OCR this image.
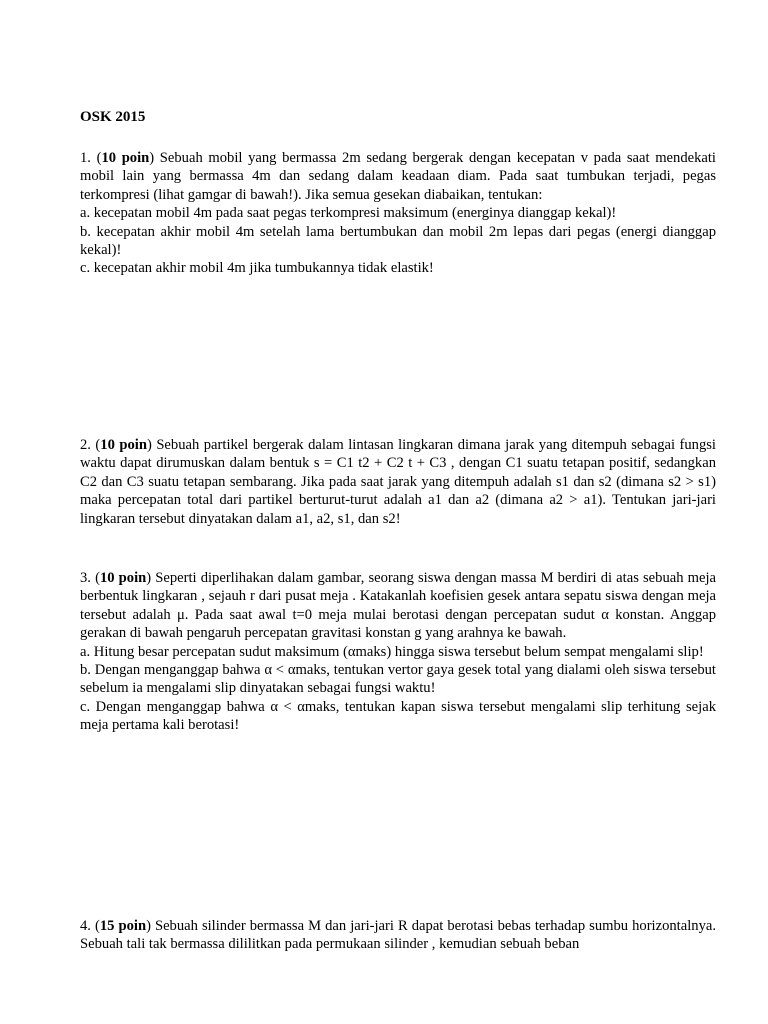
OSK 2015

1. (10 poin) Sebuah mobil yang bermassa 2m sedang bergerak dengan kecepatan v pada saat mendekati mobil lain yang bermassa 4m dan sedang dalam keadaan diam. Pada saat tumbukan terjadi, pegas terkompresi (lihat gamgar di bawah!). Jika semua gesekan diabaikan, tentukan:

a. kecepatan mobil 4m pada saat pegas terkompresi maksimum (energinya dianggap kekal)!

b. kecepatan akhir mobil 4m setelah lama bertumbukan dan mobil 2m lepas dari pegas (energi dianggap kekal)!

c. kecepatan akhir mobil 4m jika tumbukannya tidak elastik!

2. (10 poin) Sebuah partikel bergerak dalam lintasan lingkaran dimana jarak yang ditempuh sebagai fungsi waktu dapat dirumuskan dalam bentuk s = C1 t2 + C2 t + C3 , dengan C1 suatu tetapan positif, sedangkan C2 dan C3 suatu tetapan sembarang. Jika pada saat jarak yang ditempuh adalah s1 dan s2 (dimana s2 > s1) maka percepatan total dari partikel berturut-turut adalah a1 dan a2 (dimana a2 > a1). Tentukan jari-jari lingkaran tersebut dinyatakan dalam a1, a2, s1, dan s2!

3. (10 poin) Seperti diperlihakan dalam gambar, seorang siswa dengan massa M berdiri di atas sebuah meja berbentuk lingkaran , sejauh r dari pusat meja . Katakanlah koefisien gesek antara sepatu siswa dengan meja tersebut adalah μ. Pada saat awal t=0 meja mulai berotasi dengan percepatan sudut α konstan. Anggap gerakan di bawah pengaruh percepatan gravitasi konstan g yang arahnya ke bawah.

a. Hitung besar percepatan sudut maksimum (αmaks) hingga siswa tersebut belum sempat mengalami slip!

b. Dengan menganggap bahwa α < αmaks, tentukan vertor gaya gesek total yang dialami oleh siswa tersebut sebelum ia mengalami slip dinyatakan sebagai fungsi waktu!

c. Dengan menganggap bahwa α < αmaks, tentukan kapan siswa tersebut mengalami slip terhitung sejak meja pertama kali berotasi!

4. (15 poin) Sebuah silinder bermassa M dan jari-jari R dapat berotasi bebas terhadap sumbu horizontalnya. Sebuah tali tak bermassa dililitkan pada permukaan silinder , kemudian sebuah beban
